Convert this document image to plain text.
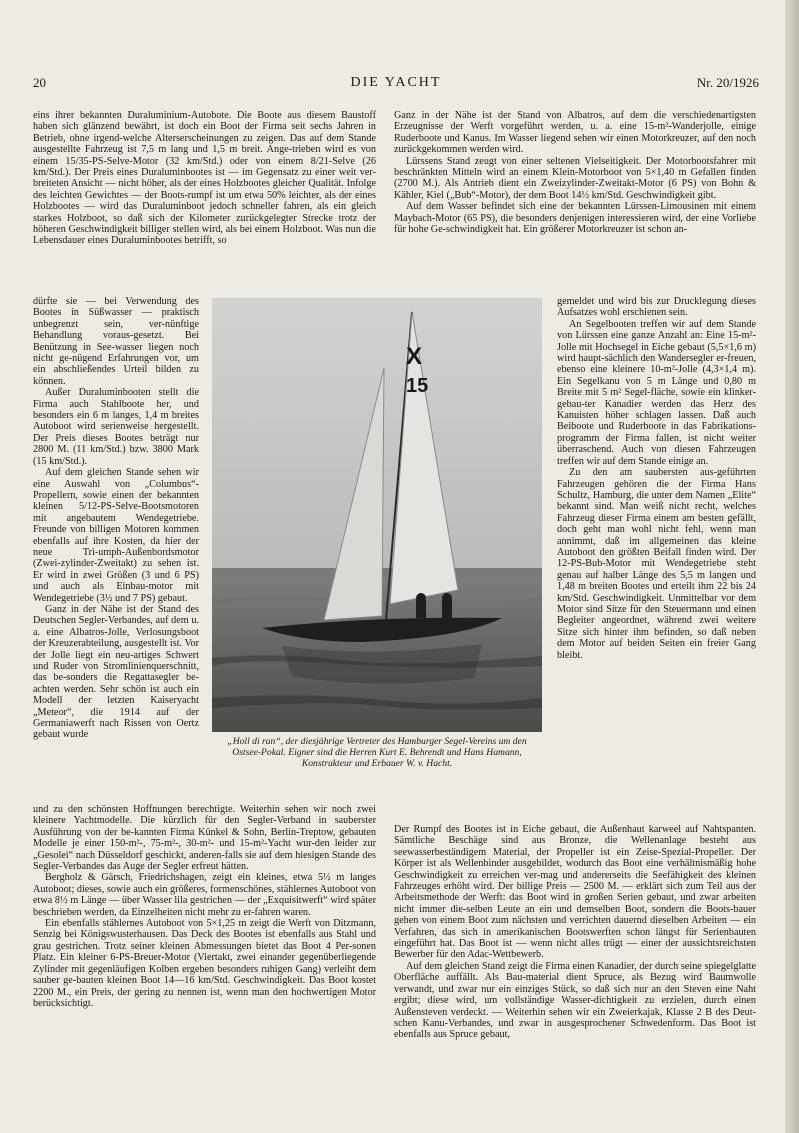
20	DIE YACHT	Nr. 20/1926

eins ihrer bekannten Duraluminium-Autobote. Die Boote aus diesem Baustoff haben sich glänzend bewährt, ist doch ein Boot der Firma seit sechs Jahren in Betrieb, ohne irgend-welche Alterserscheinungen zu zeigen. Das auf dem Stande ausgestellte Fahrzeug ist 7,5 m lang und 1,5 m breit. Ange-trieben wird es von einem 15/35-PS-Selve-Motor (32 km/Std.) oder von einem 8/21-Selve (26 km/Std.). Der Preis eines Duraluminbootes ist — im Gegensatz zu einer weit ver-breiteten Ansicht — nicht höher, als der eines Holzbootes gleicher Qualität. Infolge des leichten Gewichtes — der Boots-rumpf ist um etwa 50% leichter, als der eines Holzbootes — wird das Duraluminboot jedoch schneller fahren, als ein gleich starkes Holzboot, so daß sich der Kilometer zurückgelegter Strecke trotz der höheren Geschwindigkeit billiger stellen wird, als bei einem Holzboot. Was nun die Lebensdauer eines Duraluminbootes betrifft, so

dürfte sie — bei Verwendung des Bootes in Süßwasser — praktisch unbegrenzt sein, ver-nünftige Behandlung voraus-gesetzt. Bei Benützung in See-wasser liegen noch nicht ge-nügend Erfahrungen vor, um ein abschließendes Urteil bilden zu können.

Außer Duraluminbooten stellt die Firma auch Stahlboote her, und besonders ein 6 m langes, 1,4 m breites Autoboot wird serienweise hergestellt. Der Preis dieses Bootes beträgt nur 2800 M. (11 km/Std.) bzw. 3800 Mark (15 km/Std.).

Auf dem gleichen Stande sehen wir eine Auswahl von „Columbus“-Propellern, sowie einen der bekannten kleinen 5/12-PS-Selve-Bootsmotoren mit angebautem Wendegetriebe. Freunde von billigen Motoren kommen ebenfalls auf ihre Kosten, da hier der neue Tri-umph-Außenbordsmotor (Zwei-zylinder-Zweitakt) zu sehen ist. Er wird in zwei Größen (3 und 6 PS) und auch als Einbau-motor mit Wendegetriebe (3½ und 7 PS) gebaut.

Ganz in der Nähe ist der Stand des Deutschen Segler-Verbandes, auf dem u. a. eine Albatros-Jolle, Verlosungsboot der Kreuzerabteilung, ausgestellt ist. Vor der Jolle liegt ein neu-artiges Schwert und Ruder von Stromlinienquerschnitt, das be-sonders die Regattasegler be-achten werden. Sehr schön ist auch ein Modell der letzten Kaiseryacht „Meteor“, die 1914 auf der Germaniawerft nach Rissen von Oertz gebaut wurde

und zu den schönsten Hoffnungen berechtigte. Weiterhin sehen wir noch zwei kleinere Yachtmodelle. Die kürzlich für den Segler-Verband in sauberster Ausführung von der be-kannten Firma Künkel & Sohn, Berlin-Treptow, gebauten Modelle je einer 150-m²-, 75-m²-, 30-m²- und 15-m²-Yacht wur-den leider zur „Gesolei“ nach Düsseldorf geschickt, anderen-falls sie auf dem hiesigen Stande des Segler-Verbandes das Auge der Segler erfreut hätten.

Bergholz & Gärsch, Friedrichshagen, zeigt ein kleines, etwa 5½ m langes Autoboot; dieses, sowie auch ein größeres, formenschönes, stählernes Autoboot von etwa 8½ m Länge — über Wasser lila gestrichen — der „Exquisitwerft“ wird später beschrieben werden, da Einzelheiten nicht mehr zu er-fahren waren.

Ein ebenfalls stählernes Autoboot von 5×1,25 m zeigt die Werft von Ditzmann, Senzig bei Königswusterhausen. Das Deck des Bootes ist ebenfalls aus Stahl und grau gestrichen. Trotz seiner kleinen Abmessungen bietet das Boot 4 Per-sonen Platz. Ein kleiner 6-PS-Breuer-Motor (Viertakt, zwei einander gegenüberliegende Zylinder mit gegenläufigen Kolben ergeben besonders ruhigen Gang) verleiht dem sauber ge-bauten kleinen Boot 14—16 km/Std. Geschwindigkeit. Das Boot kostet 2200 M., ein Preis, der gering zu nennen ist, wenn man den hochwertigen Motor berücksichtigt.

Ganz in der Nähe ist der Stand von Albatros, auf dem die verschiedenartigsten Erzeugnisse der Werft vorgeführt werden, u. a. eine 15-m²-Wanderjolle, einige Ruderboote und Kanus. Im Wasser liegend sehen wir einen Motorkreuzer, auf den noch zurückgekommen werden wird.

Lürssens Stand zeugt von einer seltenen Vielseitigkeit. Der Motorbootsfahrer mit beschränkten Mitteln wird an einem Klein-Motorboot von 5×1,40 m Gefallen finden (2700 M.). Als Antrieb dient ein Zweizylinder-Zweitakt-Motor (6 PS) von Bohn & Kähler, Kiel („Bub“-Motor), der dem Boot 14½ km/Std. Geschwindigkeit gibt.

Auf dem Wasser befindet sich eine der bekannten Lürssen-Limousinen mit einem Maybach-Motor (65 PS), die besonders denjenigen interessieren wird, der eine Vorliebe für hohe Ge-schwindigkeit hat. Ein größerer Motorkreuzer ist schon an-

gemeldet und wird bis zur Drucklegung dieses Aufsatzes wohl erschienen sein.

An Segelbooten treffen wir auf dem Stande von Lürssen eine ganze Anzahl an: Eine 15-m²-Jolle mit Hochsegel in Eiche gebaut (5,5×1,6 m) wird haupt-sächlich den Wandersegler er-freuen, ebenso eine kleinere 10-m²-Jolle (4,3×1,4 m). Ein Segelkanu von 5 m Länge und 0,80 m Breite mit 5 m² Segel-fläche, sowie ein klinker-gebau-ter Kanadier werden das Herz des Kanuisten höher schlagen lassen. Daß auch Beiboote und Ruderboote in das Fabrikations-programm der Firma fallen, ist nicht weiter überraschend. Auch von diesen Fahrzeugen treffen wir auf dem Stande einige an.

Zu den am saubersten aus-geführten Fahrzeugen gehören die der Firma Hans Schultz, Hamburg, die unter dem Namen „Elite“ bekannt sind. Man weiß nicht recht, welches Fahrzeug dieser Firma einem am besten gefällt, doch geht man wohl nicht fehl, wenn man annimmt, daß im allgemeinen das kleine Autoboot den größten Beifall finden wird. Der 12-PS-Bub-Motor mit Wendegetriebe steht genau auf halber Länge des 5,5 m langen und 1,48 m breiten Bootes und erteilt ihm 22 bis 24 km/Std. Geschwindigkeit. Unmittelbar vor dem Motor sind Sitze für den Steuermann und einen Begleiter angeordnet, während zwei weitere Sitze sich hinter ihm befinden, so daß neben dem Motor auf beiden Seiten ein freier Gang bleibt.

Der Rumpf des Bootes ist in Eiche gebaut, die Außenhaut karweel auf Nahtspanten. Sämtliche Beschäge sind aus Bronze, die Wellenanlage besteht aus seewasserbeständigem Material, der Propeller ist ein Zeise-Spezial-Propeller. Der Körper ist als Wellenbinder ausgebildet, wodurch das Boot eine verhältnismäßig hohe Geschwindigkeit zu erreichen ver-mag und andererseits die Seefähigkeit des kleinen Fahrzeuges erhöht wird. Der billige Preis — 2500 M. — erklärt sich zum Teil aus der Arbeitsmethode der Werft: das Boot wird in großen Serien gebaut, und zwar arbeiten nicht immer die-selben Leute an ein und demselben Boot, sondern die Boots-bauer gehen von einem Boot zum nächsten und verrichten dauernd dieselben Arbeiten — ein Verfahren, das sich in amerikanischen Bootswerften schon längst für Serienbauten eingeführt hat. Das Boot ist — wenn nicht alles trügt — einer der aussichtsreichsten Bewerber für den Adac-Wettbewerb.

Auf dem gleichen Stand zeigt die Firma einen Kanadier, der durch seine spiegelglatte Oberfläche auffällt. Als Bau-material dient Spruce, als Bezug wird Baumwolle verwandt, und zwar nur ein einziges Stück, so daß sich nur an den Steven eine Naht ergibt; diese wird, um vollständige Wasser-dichtigkeit zu erzielen, durch einen Außensteven verdeckt. — Weiterhin sehen wir ein Zweierkajak, Klasse 2 B des Deut-schen Kanu-Verbandes, und zwar in ausgesprochener Schwedenform. Das Boot ist ebenfalls aus Spruce gebaut,

X
15
„Holl di ran“, der diesjährige Vertreter des Hamburger Segel-Vereins um den Ostsee-Pokal. Eigner sind die Herren Kurt E. Behrendt und Hans Hamann, Konstrukteur und Erbauer W. v. Hacht.
